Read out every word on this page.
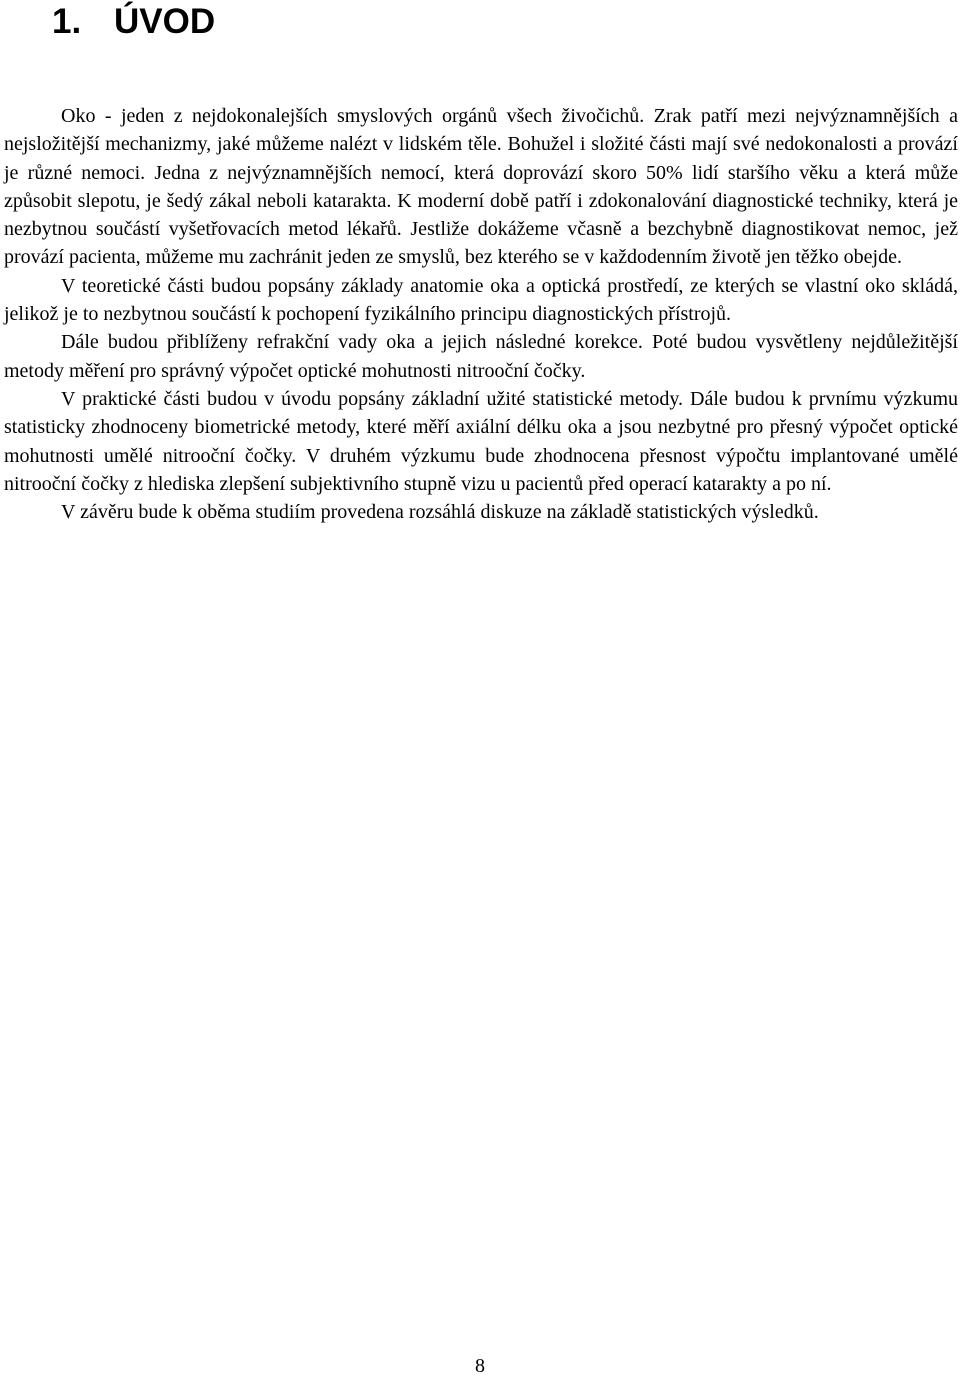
1. ÚVOD

Oko - jeden z nejdokonalejších smyslových orgánů všech živočichů. Zrak patří mezi nejvýznamnějších a nejsložitější mechanizmy, jaké můžeme nalézt v lidském těle. Bohužel i složité části mají své nedokonalosti a provází je různé nemoci. Jedna z nejvýznamnějších nemocí, která doprovází skoro 50% lidí staršího věku a která může způsobit slepotu, je šedý zákal neboli katarakta. K moderní době patří i zdokonalování diagnostické techniky, která je nezbytnou součástí vyšetřovacích metod lékařů. Jestliže dokážeme včasně a bezchybně diagnostikovat nemoc, jež provází pacienta, můžeme mu zachránit jeden ze smyslů, bez kterého se v každodenním životě jen těžko obejde.

V teoretické části budou popsány základy anatomie oka a optická prostředí, ze kterých se vlastní oko skládá, jelikož je to nezbytnou součástí k pochopení fyzikálního principu diagnostických přístrojů.

Dále budou přiblíženy refrakční vady oka a jejich následné korekce. Poté budou vysvětleny nejdůležitější metody měření pro správný výpočet optické mohutnosti nitrooční čočky.

V praktické části budou v úvodu popsány základní užité statistické metody. Dále budou k prvnímu výzkumu statisticky zhodnoceny biometrické metody, které měří axiální délku oka a jsou nezbytné pro přesný výpočet optické mohutnosti umělé nitrooční čočky. V druhém výzkumu bude zhodnocena přesnost výpočtu implantované umělé nitrooční čočky z hlediska zlepšení subjektivního stupně vizu u pacientů před operací katarakty a po ní.

V závěru bude k oběma studiím provedena rozsáhlá diskuze na základě statistických výsledků.

8
